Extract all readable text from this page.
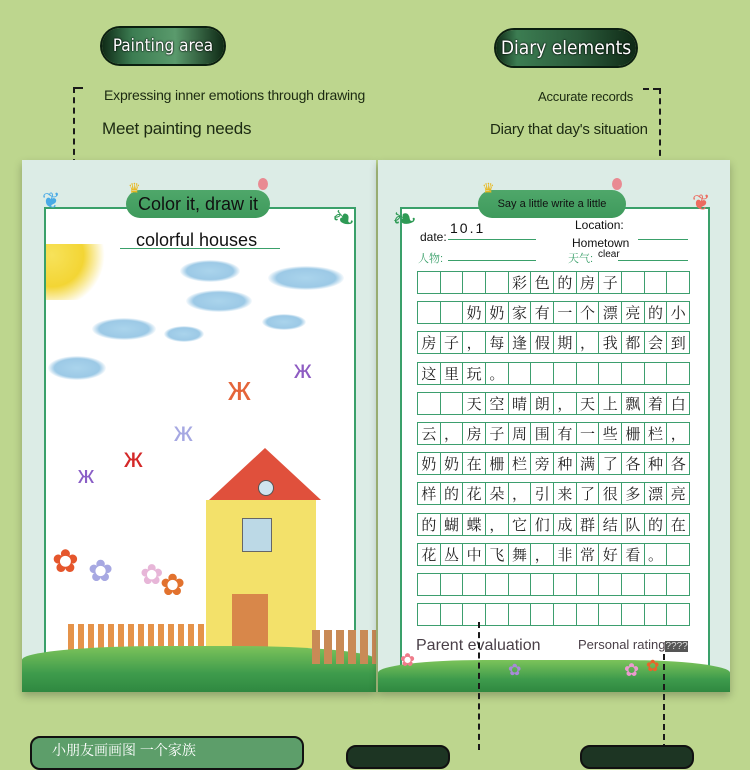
Painting area	Diary elements
Expressing inner emotions through drawing
Meet painting needs
Accurate records
Diary that day's situation
Color it, draw it
♛
❦	❧
colorful houses
ж
ж
ж
ж
ж
✿ ✿ ✿
✿
Say a little write a little
♛
❧
❦
date:
10.1	Location:
Hometown
人物:	天气: clear
彩 色 的 房 子
奶 奶 家 有 一 个 漂 亮 的 小
房 子 ， 每 逢 假 期 ， 我 都 会 到
这 里 玩 。
天 空 晴 朗 ， 天 上 飘 着 白
云 ， 房 子 周 围 有 一 些 栅 栏 ，
奶 奶 在 栅 栏 旁 种 满 了 各 种 各
样 的 花 朵 ， 引 来 了 很 多 漂 亮
的 蝴 蝶 ， 它 们 成 群 结 队 的 在
花 丛 中 飞 舞 ， 非 常 好 看 。
Parent evaluation	Personal rating????
✿
✿	✿ ✿
小朋友画画图 一个家族
